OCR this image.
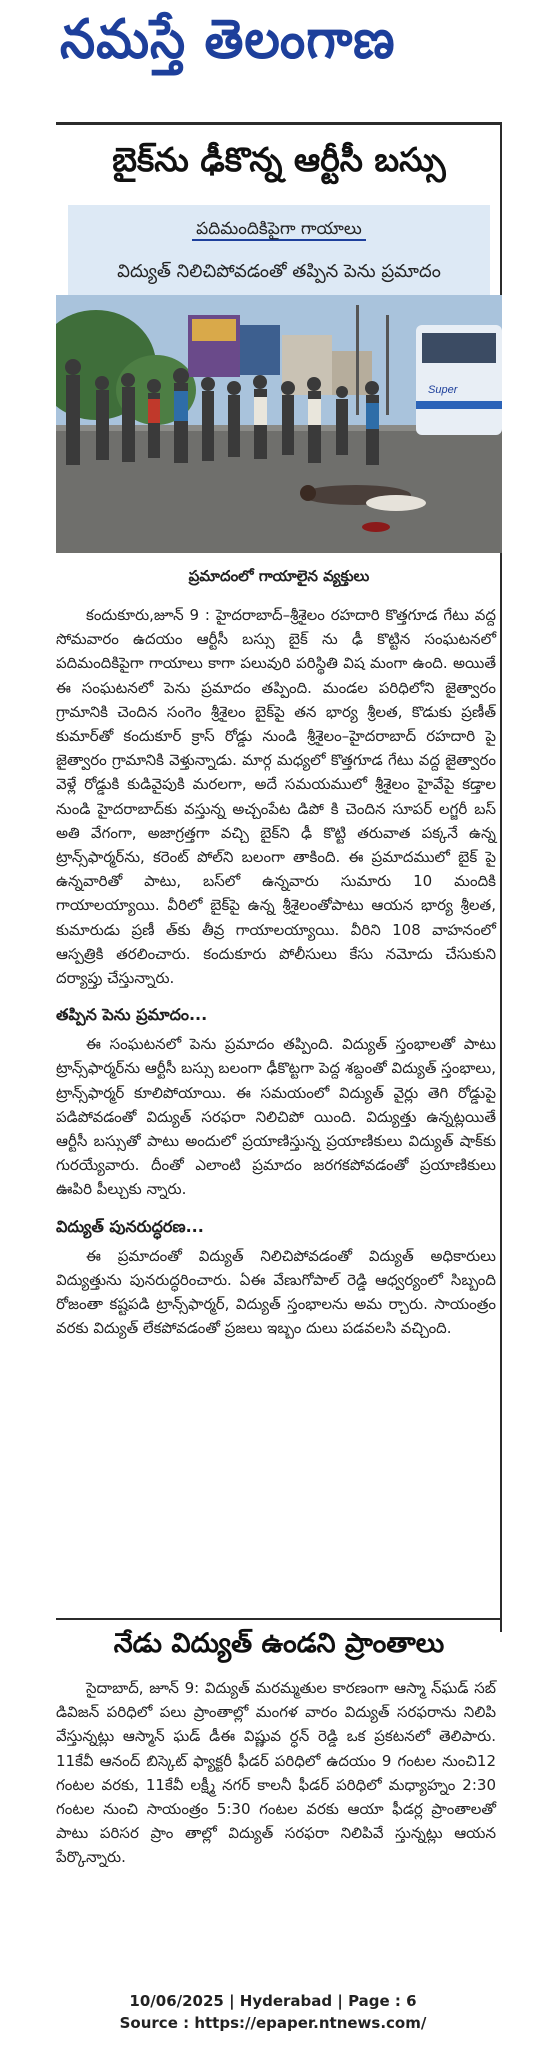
నమస్తే తెలంగాణ
బైక్‌ను ఢీకొన్న ఆర్టీసీ బస్సు
పదిమందికిపైగా గాయాలు
విద్యుత్‌ నిలిచిపోవడంతో తప్పిన పెను ప్రమాదం
Super
ప్రమాదంలో గాయాలైన వ్యక్తులు

కందుకూరు,జూన్‌ 9 : హైదరాబాద్‌–శ్రీశైలం రహదారి కొత్తగూడ గేటు వద్ద సోమవారం ఉదయం ఆర్టీసీ బస్సు బైక్‌ ను ఢీ కొట్టిన సంఘటనలో పదిమందికిపైగా గాయాలు కాగా పలువురి పరిస్థితి విష మంగా ఉంది. అయితే ఈ సంఘటనలో పెను ప్రమాదం తప్పింది. మండల పరిధిలోని జైత్వారం గ్రామానికి చెందిన సంగెం శ్రీశైలం బైక్‌పై తన భార్య శ్రీలత, కొడుకు ప్రణీత్‌ కుమార్‌తో కందుకూర్‌ క్రాస్‌ రోడ్డు నుండి శ్రీశైలం–హైదరాబాద్‌ రహదారి పై జైత్వారం గ్రామానికి వెళ్తున్నాడు. మార్గ మధ్యలో కొత్తగూడ గేటు వద్ద జైత్వారం వెళ్లే రోడ్డుకి కుడివైపుకి మరలగా, అదే సమయములో శ్రీశైలం హైవేపై కడ్తాల నుండి హైదరాబాద్‌కు వస్తున్న అచ్చంపేట డిపో కి చెందిన సూపర్‌ లగ్జరీ బస్‌ అతి వేగంగా, అజాగ్రత్తగా వచ్చి బైక్‌ని ఢీ కొట్టి తరువాత పక్కనే ఉన్న ట్రాన్స్‌ఫార్మర్‌ను, కరెంట్‌ పోల్‌ని బలంగా తాకింది. ఈ ప్రమాదములో బైక్‌ పై ఉన్నవారితో పాటు, బస్‌లో ఉన్నవారు సుమారు 10 మందికి గాయాలయ్యాయి. వీరిలో బైక్‌పై ఉన్న శ్రీశైలంతోపాటు ఆయన భార్య శ్రీలత, కుమారుడు ప్రణీ త్‌కు తీవ్ర గాయాలయ్యాయి. వీరిని 108 వాహనంలో ఆస్పత్రికి తరలించారు. కందుకూరు పోలీసులు కేసు నమోదు చేసుకుని దర్యాప్తు చేస్తున్నారు.

తప్పిన పెను ప్రమాదం...

ఈ సంఘటనలో పెను ప్రమాదం తప్పింది. విద్యుత్‌ స్తంభాలతో పాటు ట్రాన్స్‌ఫార్మర్‌ను ఆర్టీసీ బస్సు బలంగా ఢీకొట్టగా పెద్ద శబ్దంతో విద్యుత్‌ స్తంభాలు, ట్రాన్స్‌ఫార్మర్‌ కూలిపోయాయి. ఈ సమయంలో విద్యుత్‌ వైర్లు తెగి రోడ్డుపై పడిపోవడంతో విద్యుత్‌ సరఫరా నిలిచిపో యింది. విద్యుత్తు ఉన్నట్లయితే ఆర్టీసీ బస్సుతో పాటు అందులో ప్రయాణిస్తున్న ప్రయాణికులు విద్యుత్‌ షాక్‌కు గురయ్యేవారు. దీంతో ఎలాంటి ప్రమాదం జరగకపోవడంతో ప్రయాణికులు ఊపిరి పీల్చుకు న్నారు.

విద్యుత్‌ పునరుద్ధరణ...

ఈ ప్రమాదంతో విద్యుత్‌ నిలిచిపోవడంతో విద్యుత్‌ అధికారులు విద్యుత్తును పునరుద్ధరించారు. ఏఈ వేణుగోపాల్‌ రెడ్డి ఆధ్వర్యంలో సిబ్బంది రోజంతా కష్టపడి ట్రాన్స్‌ఫార్మర్‌, విద్యుత్‌ స్తంభాలను అమ ర్చారు. సాయంత్రం వరకు విద్యుత్‌ లేకపోవడంతో ప్రజలు ఇబ్బం దులు పడవలసి వచ్చింది.

నేడు విద్యుత్‌ ఉండని ప్రాంతాలు

సైదాబాద్‌, జూన్‌ 9: విద్యుత్‌ మరమ్మతుల కారణంగా ఆస్మా న్‌ఘడ్‌ సబ్‌ డివిజన్‌ పరిధిలో పలు ప్రాంతాల్లో మంగళ వారం విద్యుత్‌ సరఫరాను నిలిపి వేస్తున్నట్లు ఆస్మాన్‌ ఘడ్‌ డీఈ విష్ణువ ర్ధన్‌ రెడ్డి ఒక ప్రకటనలో తెలిపారు. 11కేవీ ఆనంద్‌ బిస్కెట్‌ ఫ్యాక్టరీ ఫీడర్‌ పరిధిలో ఉదయం 9 గంటల నుంచి12 గంటల వరకు, 11కేవీ లక్ష్మీ నగర్‌ కాలనీ ఫీడర్‌ పరిధిలో మధ్యాహ్నం 2:30 గంటల నుంచి సాయంత్రం 5:30 గంటల వరకు ఆయా ఫీడర్ల ప్రాంతాలతో పాటు పరిసర ప్రాం తాల్లో విద్యుత్‌ సరఫరా నిలిపివే స్తున్నట్లు ఆయన పేర్కొన్నారు.

10/06/2025 | Hyderabad | Page : 6
Source : https://epaper.ntnews.com/
